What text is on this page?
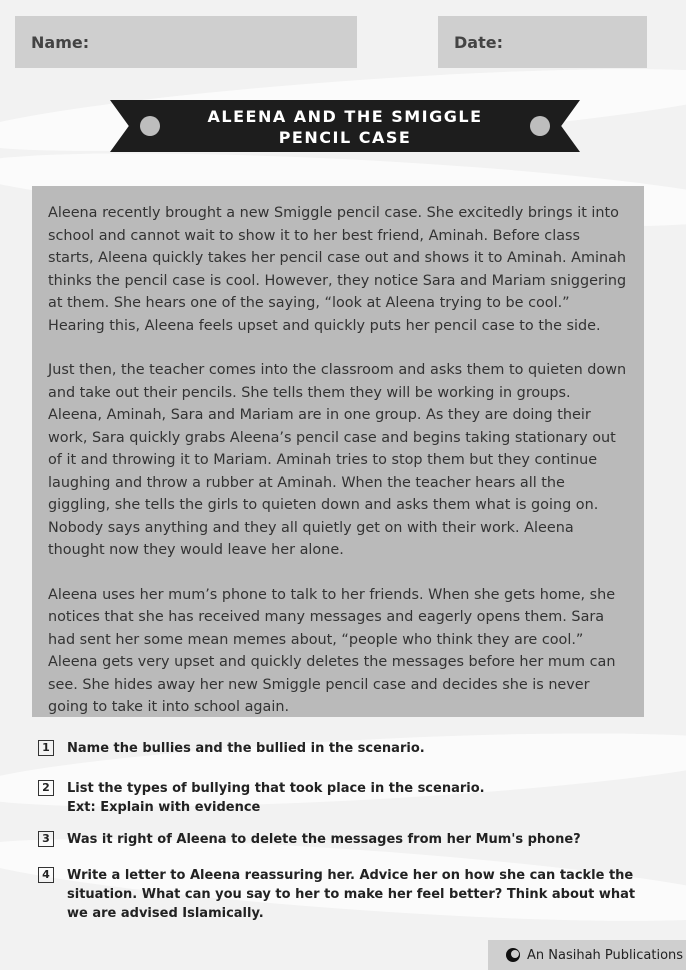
Name:	Date:
ALEENA AND THE SMIGGLE
PENCIL CASE

Aleena recently brought a new Smiggle pencil case. She excitedly brings it into school and cannot wait to show it to her best friend, Aminah. Before class starts, Aleena quickly takes her pencil case out and shows it to Aminah. Aminah thinks the pencil case is cool. However, they notice Sara and Mariam sniggering at them. She hears one of the saying, “look at Aleena trying to be cool.” Hearing this, Aleena feels upset and quickly puts her pencil case to the side.

Just then, the teacher comes into the classroom and asks them to quieten down and take out their pencils. She tells them they will be working in groups. Aleena, Aminah, Sara and Mariam are in one group. As they are doing their work, Sara quickly grabs Aleena’s pencil case and begins taking stationary out of it and throwing it to Mariam. Aminah tries to stop them but they continue laughing and throw a rubber at Aminah. When the teacher hears all the giggling, she tells the girls to quieten down and asks them what is going on. Nobody says anything and they all quietly get on with their work. Aleena thought now they would leave her alone.

Aleena uses her mum’s phone to talk to her friends. When she gets home, she notices that she has received many messages and eagerly opens them. Sara had sent her some mean memes about, “people who think they are cool.” Aleena gets very upset and quickly deletes the messages before her mum can see. She hides away her new Smiggle pencil case and decides she is never going to take it into school again.

1	Name the bullies and the bullied in the scenario.
2	List the types of bullying that took place in the scenario.
Ext: Explain with evidence
3	Was it right of Aleena to delete the messages from her Mum's phone?
4	Write a letter to Aleena reassuring her. Advice her on how she can tackle the situation. What can you say to her to make her feel better? Think about what we are advised Islamically.
An Nasihah Publications
